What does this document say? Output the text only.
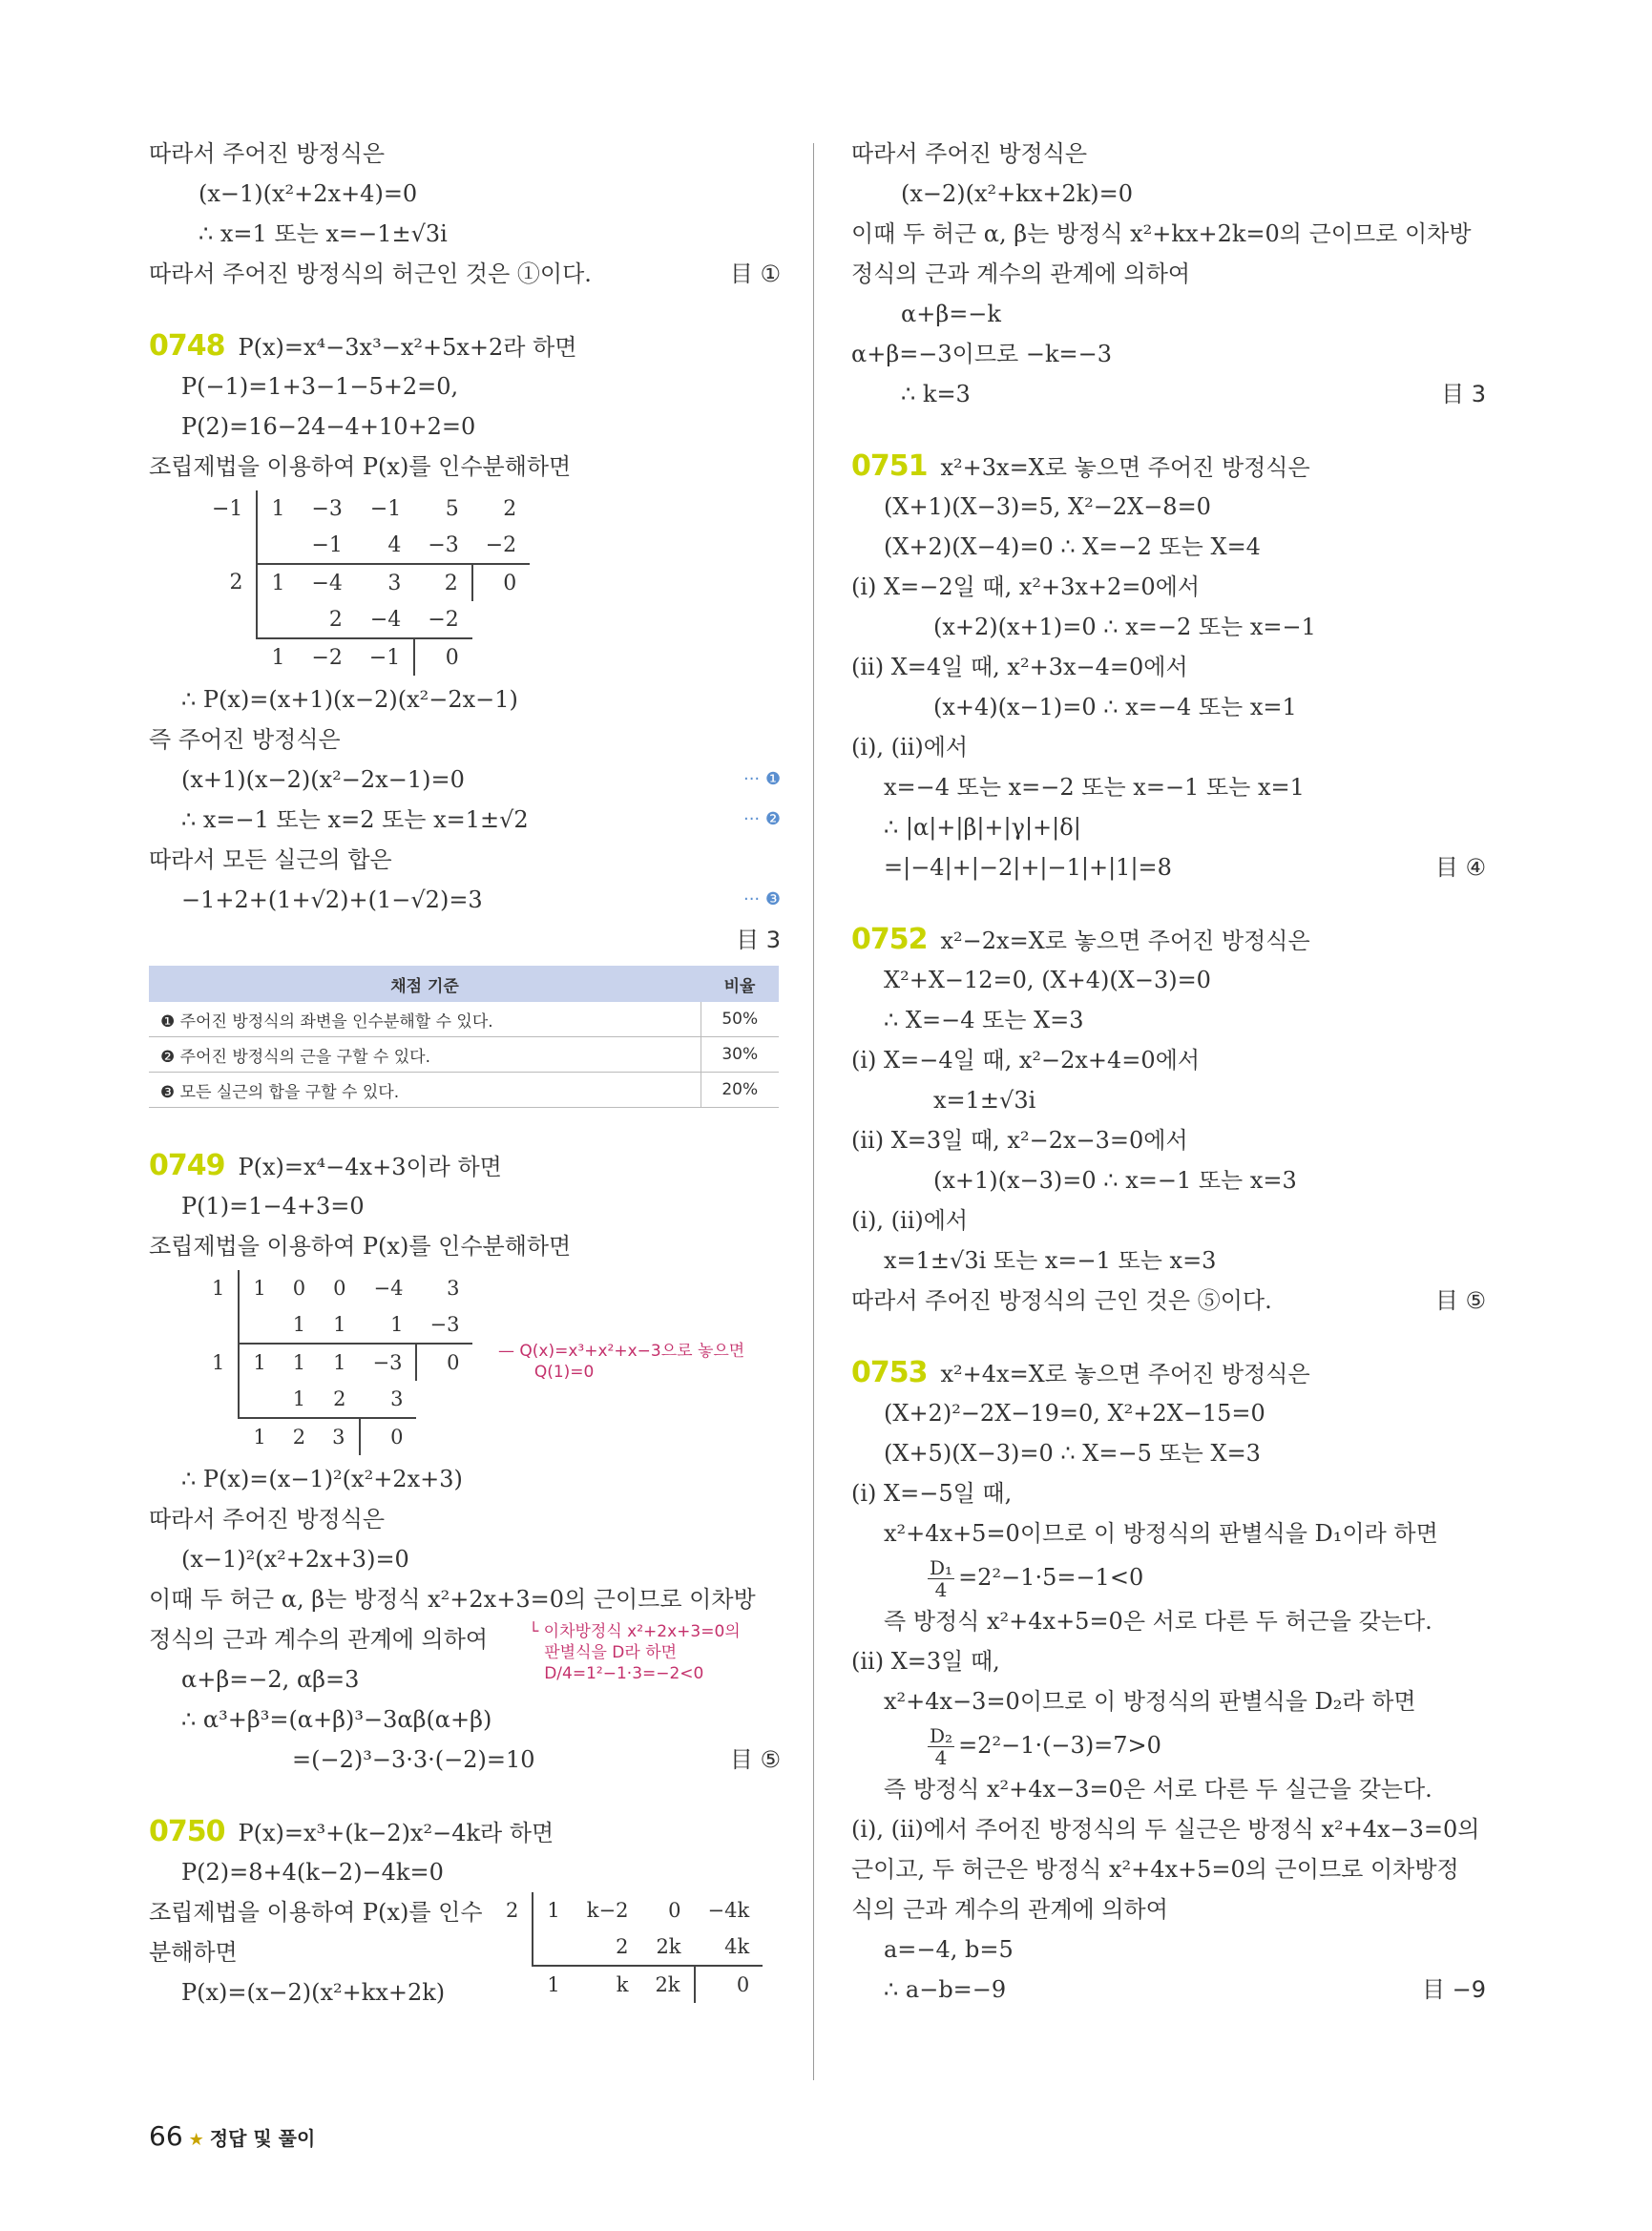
따라서 주어진 방정식은
(x−1)(x²+2x+4)=0
∴ x=1 또는 x=−1±√3i
따라서 주어진 방정식의 허근인 것은 ①이다.	目 ①
0748 P(x)=x⁴−3x³−x²+5x+2라 하면
P(−1)=1+3−1−5+2=0,
P(2)=16−24−4+10+2=0
조립제법을 이용하여 P(x)를 인수분해하면
−1	1	−3	−1	5	2
		−1	4	−3	−2
2	1	−4	3	2	0
		2	−4	−2	
	1	−2	−1	0	
∴ P(x)=(x+1)(x−2)(x²−2x−1)
즉 주어진 방정식은
(x+1)(x−2)(x²−2x−1)=0	··· ❶
∴ x=−1 또는 x=2 또는 x=1±√2	··· ❷
따라서 모든 실근의 합은
−1+2+(1+√2)+(1−√2)=3	··· ❸
目 3
채점 기준	비율
❶ 주어진 방정식의 좌변을 인수분해할 수 있다.	50%
❷ 주어진 방정식의 근을 구할 수 있다.	30%
❸ 모든 실근의 합을 구할 수 있다.	20%
0749 P(x)=x⁴−4x+3이라 하면
P(1)=1−4+3=0
조립제법을 이용하여 P(x)를 인수분해하면
1	1	0	0	−4	3
		1	1	1	−3
1	1	1	1	−3	0
		1	2	3	
	1	2	3	0	
— Q(x)=x³+x²+x−3으로 놓으면
Q(1)=0
∴ P(x)=(x−1)²(x²+2x+3)
따라서 주어진 방정식은
(x−1)²(x²+2x+3)=0
이때 두 허근 α, β는 방정식 x²+2x+3=0의 근이므로 이차방
정식의 근과 계수의 관계에 의하여	└ 이차방정식 x²+2x+3=0의
판별식을 D라 하면
D/4=1²−1·3=−2<0
α+β=−2, αβ=3
∴ α³+β³=(α+β)³−3αβ(α+β)
=(−2)³−3·3·(−2)=10	目 ⑤
0750 P(x)=x³+(k−2)x²−4k라 하면
P(2)=8+4(k−2)−4k=0
조립제법을 이용하여 P(x)를 인수
분해하면
P(x)=(x−2)(x²+kx+2k)
2	1	k−2	0	−4k
		2	2k	4k
	1	k	2k	0
따라서 주어진 방정식은
(x−2)(x²+kx+2k)=0
이때 두 허근 α, β는 방정식 x²+kx+2k=0의 근이므로 이차방
정식의 근과 계수의 관계에 의하여
α+β=−k
α+β=−3이므로 −k=−3
∴ k=3	目 3
0751 x²+3x=X로 놓으면 주어진 방정식은
(X+1)(X−3)=5, X²−2X−8=0
(X+2)(X−4)=0 ∴ X=−2 또는 X=4
(i) X=−2일 때, x²+3x+2=0에서
(x+2)(x+1)=0 ∴ x=−2 또는 x=−1
(ii) X=4일 때, x²+3x−4=0에서
(x+4)(x−1)=0 ∴ x=−4 또는 x=1
(i), (ii)에서
x=−4 또는 x=−2 또는 x=−1 또는 x=1
∴ |α|+|β|+|γ|+|δ|
=|−4|+|−2|+|−1|+|1|=8	目 ④
0752 x²−2x=X로 놓으면 주어진 방정식은
X²+X−12=0, (X+4)(X−3)=0
∴ X=−4 또는 X=3
(i) X=−4일 때, x²−2x+4=0에서
x=1±√3i
(ii) X=3일 때, x²−2x−3=0에서
(x+1)(x−3)=0 ∴ x=−1 또는 x=3
(i), (ii)에서
x=1±√3i 또는 x=−1 또는 x=3
따라서 주어진 방정식의 근인 것은 ⑤이다.	目 ⑤
0753 x²+4x=X로 놓으면 주어진 방정식은
(X+2)²−2X−19=0, X²+2X−15=0
(X+5)(X−3)=0 ∴ X=−5 또는 X=3
(i) X=−5일 때,
x²+4x+5=0이므로 이 방정식의 판별식을 D₁이라 하면
$\frac{\text{D₁}}{4} =2^2-1\cdot 5=-1<0$
즉 방정식 x²+4x+5=0은 서로 다른 두 허근을 갖는다.
(ii) X=3일 때,
x²+4x−3=0이므로 이 방정식의 판별식을 D₂라 하면
$\frac{\text{D₂}}{4} =2^2-1\cdot(-3)=7>0$
즉 방정식 x²+4x−3=0은 서로 다른 두 실근을 갖는다.
(i), (ii)에서 주어진 방정식의 두 실근은 방정식 x²+4x−3=0의
근이고, 두 허근은 방정식 x²+4x+5=0의 근이므로 이차방정
식의 근과 계수의 관계에 의하여
a=−4, b=5
∴ a−b=−9	目 −9
66 ★ 정답 및 풀이
